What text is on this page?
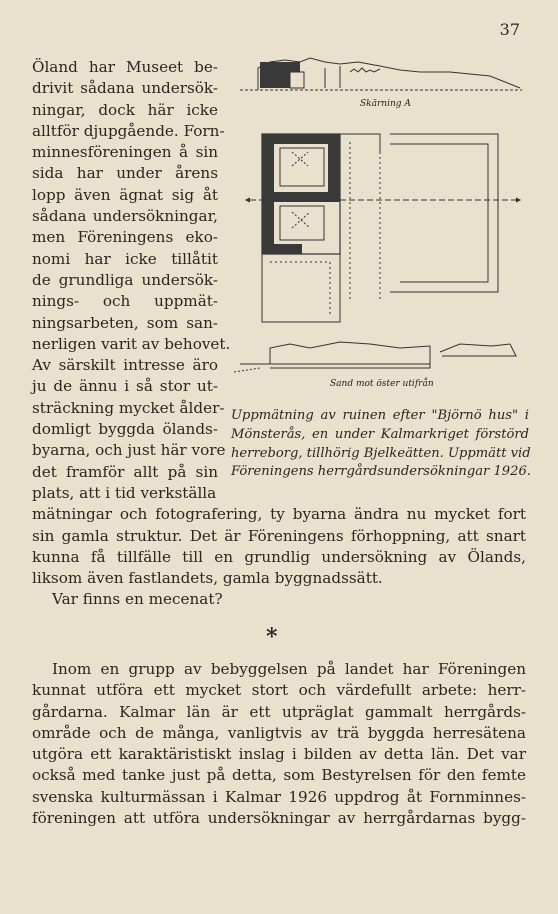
37
Öland har Museet be-
drivit sådana undersök-
ningar, dock här icke
alltför djupgående. Forn-
minnesföreningen å sin
sida har under årens
lopp även ägnat sig åt
sådana undersökningar,
men Föreningens eko-
nomi har icke tillåtit
de grundliga undersök-
nings- och uppmät-
ningsarbeten, som san-
nerligen varit av behovet.
Av särskilt intresse äro
ju de ännu i så stor ut-
sträckning mycket ålder-
domligt byggda ölands-
byarna, och just här vore
det framför allt på sin
Skärning A
Sand mot öster utifrån
Uppmätning av ruinen efter "Björnö hus" i
Mönsterås, en under Kalmarkriget förstörd
herreborg, tillhörig Bjelkeätten. Uppmätt vid
Föreningens herrgårdsundersökningar 1926.
plats, att i tid verkställa
mätningar och fotografering, ty byarna ändra nu mycket fort
sin gamla struktur. Det är Föreningens förhoppning, att snart
kunna få tillfälle till en grundlig undersökning av Ölands,
liksom även fastlandets, gamla byggnadssätt.
Var finns en mecenat?
*
Inom en grupp av bebyggelsen på landet har Föreningen
kunnat utföra ett mycket stort och värdefullt arbete: herr-
gårdarna. Kalmar län är ett utpräglat gammalt herrgårds-
område och de många, vanligtvis av trä byggda herresätena
utgöra ett karaktäristiskt inslag i bilden av detta län. Det var
också med tanke just på detta, som Bestyrelsen för den femte
svenska kulturmässan i Kalmar 1926 uppdrog åt Fornminnes-
föreningen att utföra undersökningar av herrgårdarnas bygg-
